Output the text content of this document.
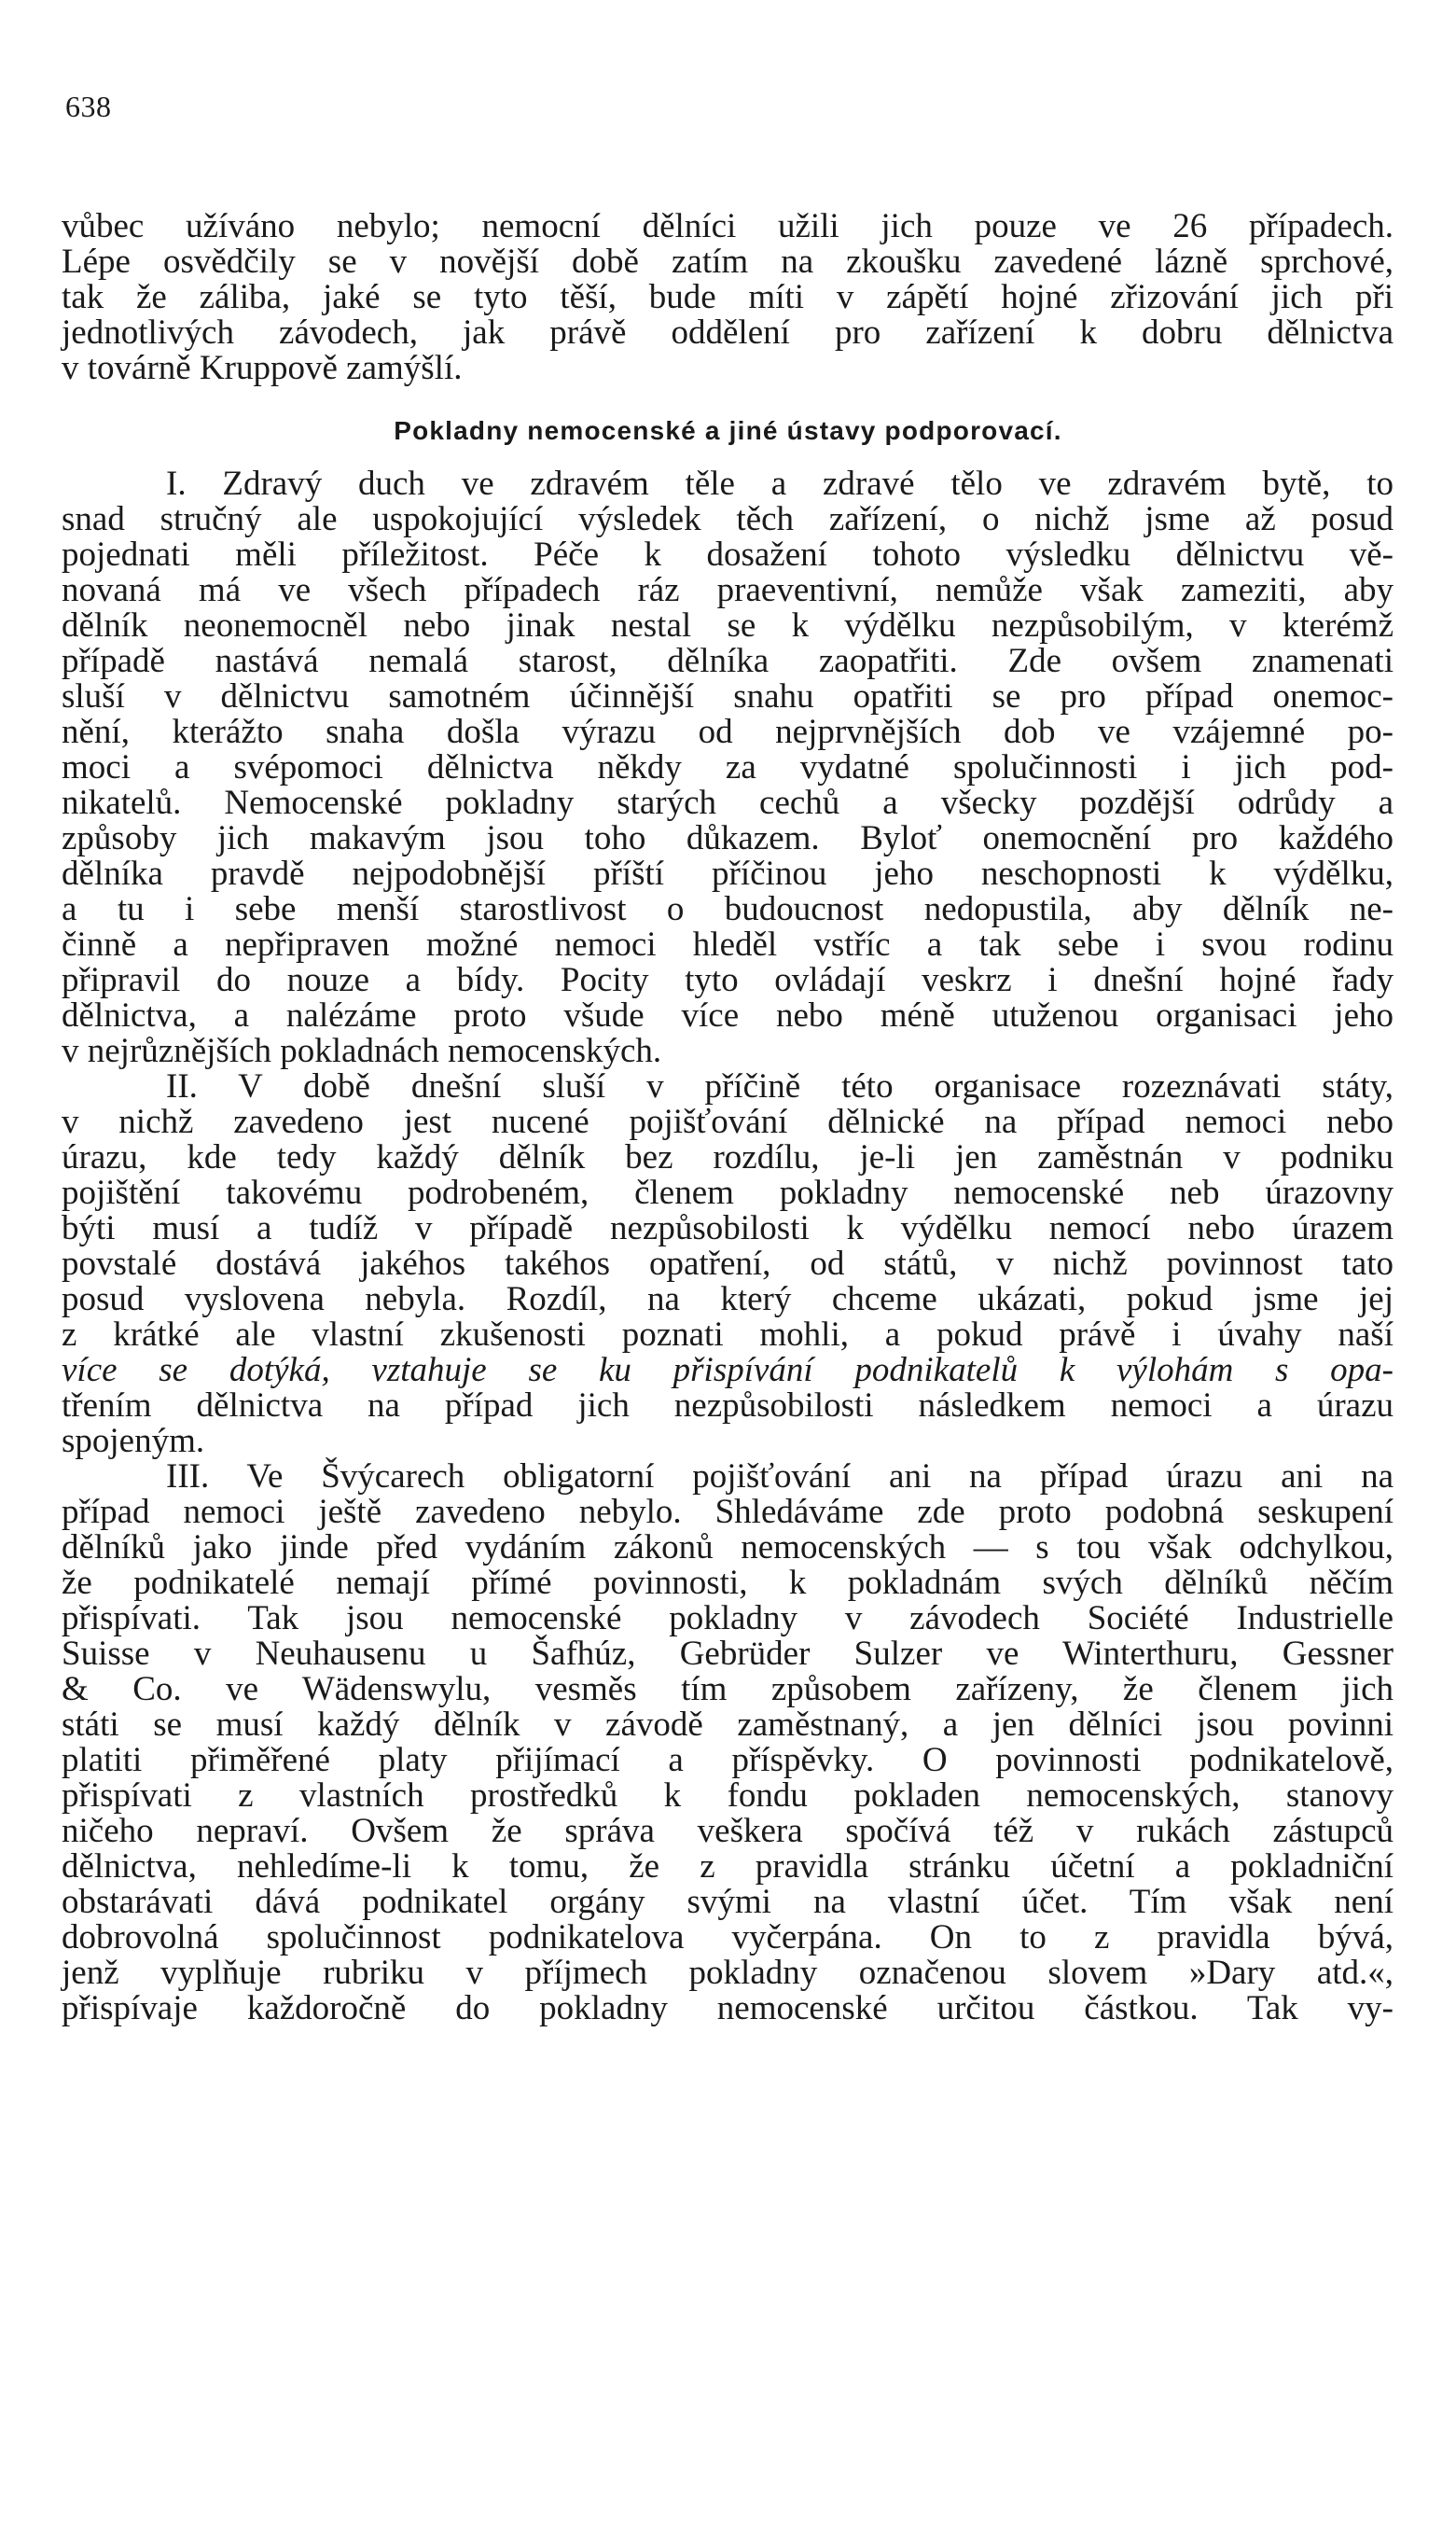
638
vůbec užíváno nebylo; nemocní dělníci užili jich pouze ve 26 případech.
Lépe osvědčily se v novější době zatím na zkoušku zavedené lázně sprchové,
tak že záliba, jaké se tyto těší, bude míti v zápětí hojné zřizování jich při
jednotlivých závodech, jak právě oddělení pro zařízení k dobru dělnictva
v továrně Kruppově zamýšlí.
I. Zdravý duch ve zdravém těle a zdravé tělo ve zdravém bytě, to
snad stručný ale uspokojující výsledek těch zařízení, o nichž jsme až posud
pojednati měli příležitost. Péče k dosažení tohoto výsledku dělnictvu vě-
novaná má ve všech případech ráz praeventivní, nemůže však zameziti, aby
dělník neonemocněl nebo jinak nestal se k výdělku nezpůsobilým, v kterémž
případě nastává nemalá starost, dělníka zaopatřiti. Zde ovšem znamenati
sluší v dělnictvu samotném účinnější snahu opatřiti se pro případ onemoc-
nění, kterážto snaha došla výrazu od nejprvnějších dob ve vzájemné po-
moci a svépomoci dělnictva někdy za vydatné spolučinnosti i jich pod-
nikatelů. Nemocenské pokladny starých cechů a všecky pozdější odrůdy a
způsoby jich makavým jsou toho důkazem. Byloť onemocnění pro každého
dělníka pravdě nejpodobnější příští příčinou jeho neschopnosti k výdělku,
a tu i sebe menší starostlivost o budoucnost nedopustila, aby dělník ne-
činně a nepřipraven možné nemoci hleděl vstříc a tak sebe i svou rodinu
připravil do nouze a bídy. Pocity tyto ovládají veskrz i dnešní hojné řady
dělnictva, a nalézáme proto všude více nebo méně utuženou organisaci jeho
v nejrůznějších pokladnách nemocenských.
II. V době dnešní sluší v příčině této organisace rozeznávati státy,
v nichž zavedeno jest nucené pojišťování dělnické na případ nemoci nebo
úrazu, kde tedy každý dělník bez rozdílu, je-li jen zaměstnán v podniku
pojištění takovému podrobeném, členem pokladny nemocenské neb úrazovny
býti musí a tudíž v případě nezpůsobilosti k výdělku nemocí nebo úrazem
povstalé dostává jakéhos takéhos opatření, od států, v nichž povinnost tato
posud vyslovena nebyla. Rozdíl, na který chceme ukázati, pokud jsme jej
z krátké ale vlastní zkušenosti poznati mohli, a pokud právě i úvahy naší
více se dotýká, vztahuje se ku přispívání podnikatelů k výlohám s opa-
třením dělnictva na případ jich nezpůsobilosti následkem nemoci a úrazu
spojeným.
III. Ve Švýcarech obligatorní pojišťování ani na případ úrazu ani na
případ nemoci ještě zavedeno nebylo. Shledáváme zde proto podobná seskupení
dělníků jako jinde před vydáním zákonů nemocenských — s tou však odchylkou,
že podnikatelé nemají přímé povinnosti, k pokladnám svých dělníků něčím
přispívati. Tak jsou nemocenské pokladny v závodech Société Industrielle
Suisse v Neuhausenu u Šafhúz, Gebrüder Sulzer ve Winterthuru, Gessner
& Co. ve Wädenswylu, vesměs tím způsobem zařízeny, že členem jich
státi se musí každý dělník v závodě zaměstnaný, a jen dělníci jsou povinni
platiti přiměřené platy přijímací a příspěvky. O povinnosti podnikatelově,
přispívati z vlastních prostředků k fondu pokladen nemocenských, stanovy
ničeho nepraví. Ovšem že správa veškera spočívá též v rukách zástupců
dělnictva, nehledíme-li k tomu, že z pravidla stránku účetní a pokladniční
obstarávati dává podnikatel orgány svými na vlastní účet. Tím však není
dobrovolná spolučinnost podnikatelova vyčerpána. On to z pravidla bývá,
jenž vyplňuje rubriku v příjmech pokladny označenou slovem »Dary atd.«,
přispívaje každoročně do pokladny nemocenské určitou částkou. Tak vy-
Pokladny nemocenské a jiné ústavy podporovací.
